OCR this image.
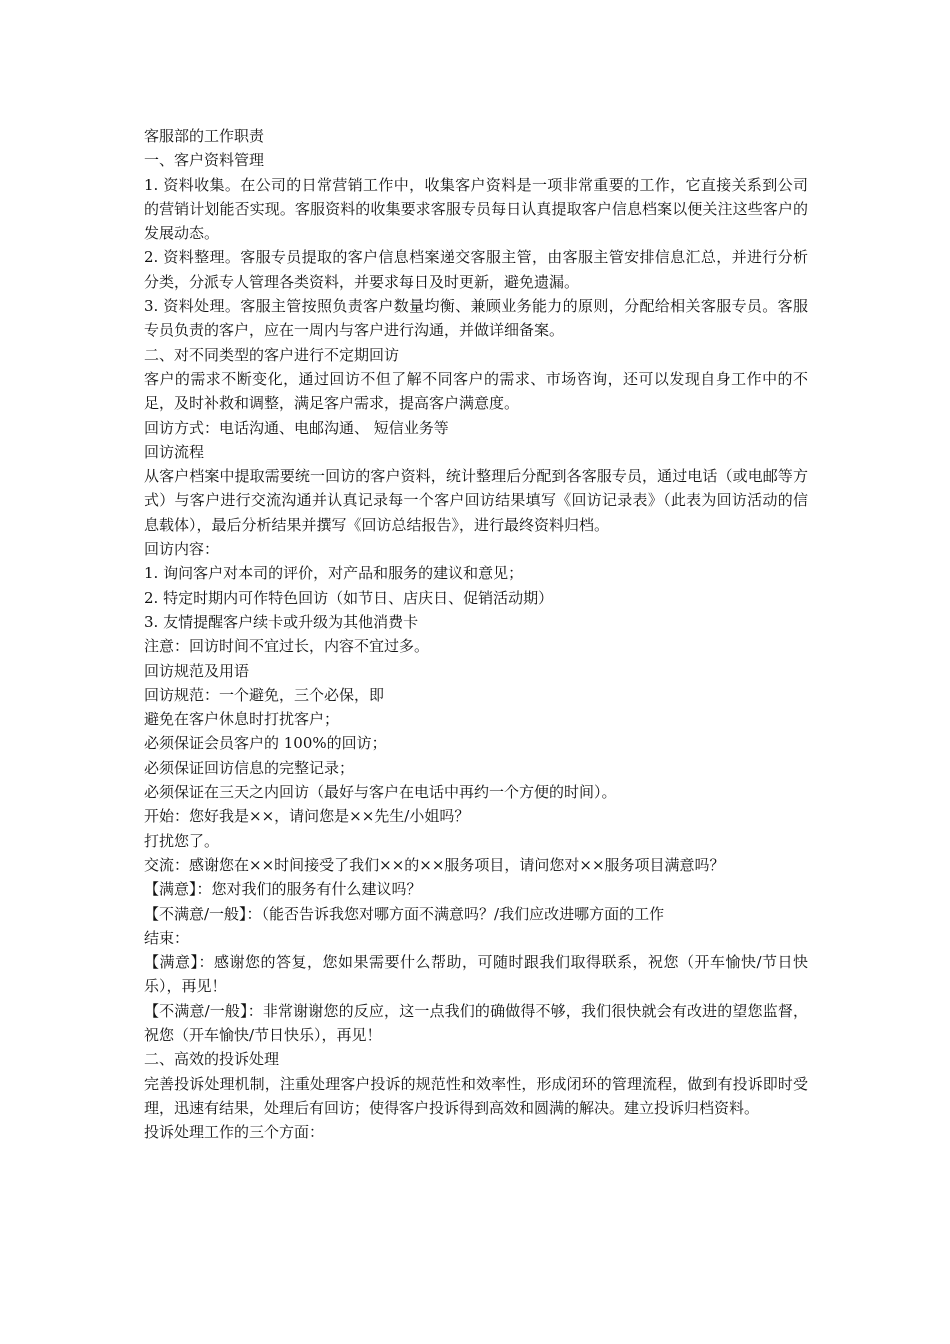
客服部的工作职责

一、客户资料管理

1. 资料收集。在公司的日常营销工作中，收集客户资料是一项非常重要的工作，它直接关系到公司的营销计划能否实现。客服资料的收集要求客服专员每日认真提取客户信息档案以便关注这些客户的发展动态。

2. 资料整理。客服专员提取的客户信息档案递交客服主管，由客服主管安排信息汇总，并进行分析分类，分派专人管理各类资料，并要求每日及时更新，避免遗漏。

3. 资料处理。客服主管按照负责客户数量均衡、兼顾业务能力的原则，分配给相关客服专员。客服专员负责的客户，应在一周内与客户进行沟通，并做详细备案。

二、对不同类型的客户进行不定期回访

客户的需求不断变化，通过回访不但了解不同客户的需求、市场咨询，还可以发现自身工作中的不足，及时补救和调整，满足客户需求，提高客户满意度。

回访方式：电话沟通、电邮沟通、 短信业务等

回访流程

从客户档案中提取需要统一回访的客户资料，统计整理后分配到各客服专员，通过电话（或电邮等方式）与客户进行交流沟通并认真记录每一个客户回访结果填写《回访记录表》（此表为回访活动的信息载体），最后分析结果并撰写《回访总结报告》，进行最终资料归档。

回访内容：

1. 询问客户对本司的评价，对产品和服务的建议和意见；

2. 特定时期内可作特色回访（如节日、店庆日、促销活动期）

3. 友情提醒客户续卡或升级为其他消费卡

注意：回访时间不宜过长，内容不宜过多。

回访规范及用语

回访规范：一个避免，三个必保，即

避免在客户休息时打扰客户；

必须保证会员客户的 100%的回访；

必须保证回访信息的完整记录；

必须保证在三天之内回访（最好与客户在电话中再约一个方便的时间）。

开始：您好我是××，请问您是××先生/小姐吗？

打扰您了。

交流：感谢您在××时间接受了我们××的××服务项目，请问您对××服务项目满意吗？

【满意】：您对我们的服务有什么建议吗？

【不满意/一般】：（能否告诉我您对哪方面不满意吗？/我们应改进哪方面的工作

结束：

【满意】：感谢您的答复，您如果需要什么帮助，可随时跟我们取得联系，祝您（开车愉快/节日快乐），再见！

【不满意/一般】：非常谢谢您的反应，这一点我们的确做得不够，我们很快就会有改进的望您监督，祝您（开车愉快/节日快乐），再见！

二、高效的投诉处理

完善投诉处理机制，注重处理客户投诉的规范性和效率性，形成闭环的管理流程，做到有投诉即时受理，迅速有结果，处理后有回访；使得客户投诉得到高效和圆满的解决。建立投诉归档资料。

投诉处理工作的三个方面：
